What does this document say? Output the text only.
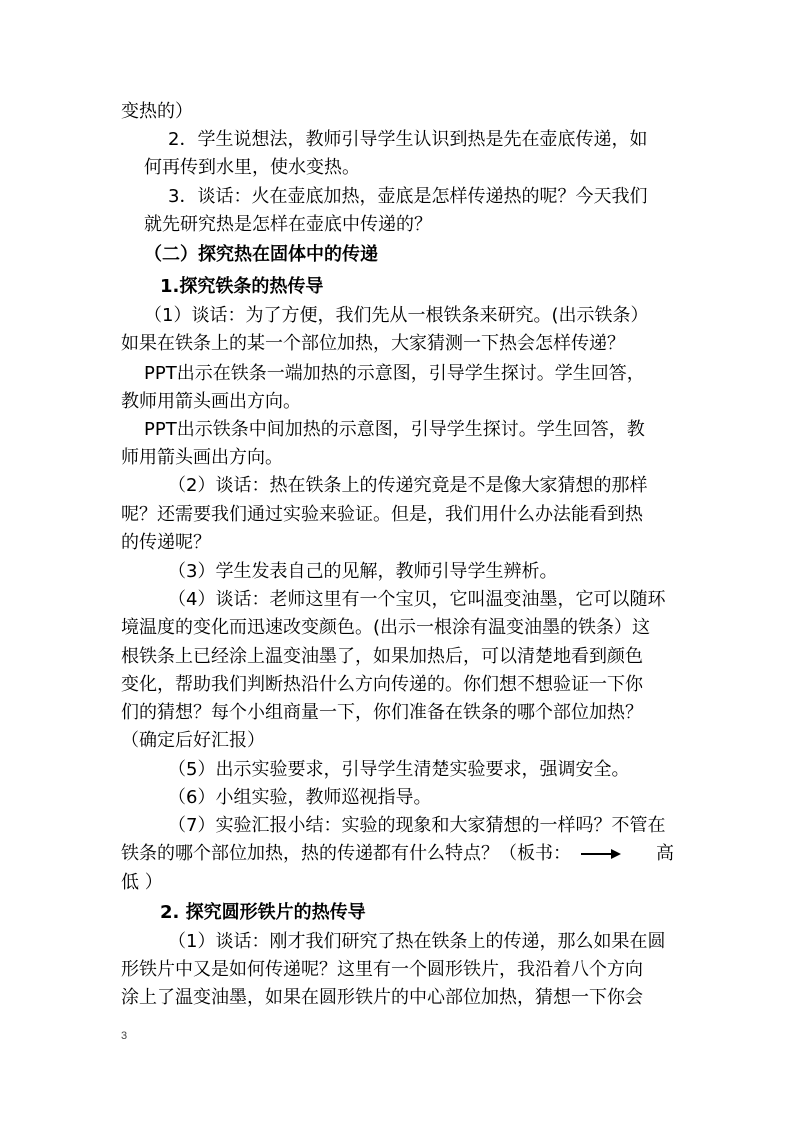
变热的）
2．学生说想法，教师引导学生认识到热是先在壶底传递，如
何再传到水里，使水变热。
3．谈话：火在壶底加热，壶底是怎样传递热的呢？今天我们
就先研究热是怎样在壶底中传递的？
（二）探究热在固体中的传递
1.探究铁条的热传导
（1）谈话：为了方便，我们先从一根铁条来研究。(出示铁条）
如果在铁条上的某一个部位加热，大家猜测一下热会怎样传递？
PPT出示在铁条一端加热的示意图，引导学生探讨。学生回答，
教师用箭头画出方向。
PPT出示铁条中间加热的示意图，引导学生探讨。学生回答，教
师用箭头画出方向。
（2）谈话：热在铁条上的传递究竟是不是像大家猜想的那样
呢？还需要我们通过实验来验证。但是，我们用什么办法能看到热
的传递呢？
（3）学生发表自己的见解，教师引导学生辨析。
（4）谈话：老师这里有一个宝贝，它叫温变油墨，它可以随环
境温度的变化而迅速改变颜色。(出示一根涂有温变油墨的铁条）这
根铁条上已经涂上温变油墨了，如果加热后，可以清楚地看到颜色
变化，帮助我们判断热沿什么方向传递的。你们想不想验证一下你
们的猜想？每个小组商量一下，你们准备在铁条的哪个部位加热？
（确定后好汇报）
（5）出示实验要求，引导学生清楚实验要求，强调安全。
（6）小组实验，教师巡视指导。
（7）实验汇报小结：实验的现象和大家猜想的一样吗？不管在
铁条的哪个部位加热，热的传递都有什么特点？（板书：	高
低 ）
2. 探究圆形铁片的热传导
（1）谈话：刚才我们研究了热在铁条上的传递，那么如果在圆
形铁片中又是如何传递呢？这里有一个圆形铁片，我沿着八个方向
涂上了温变油墨，如果在圆形铁片的中心部位加热，猜想一下你会
3
